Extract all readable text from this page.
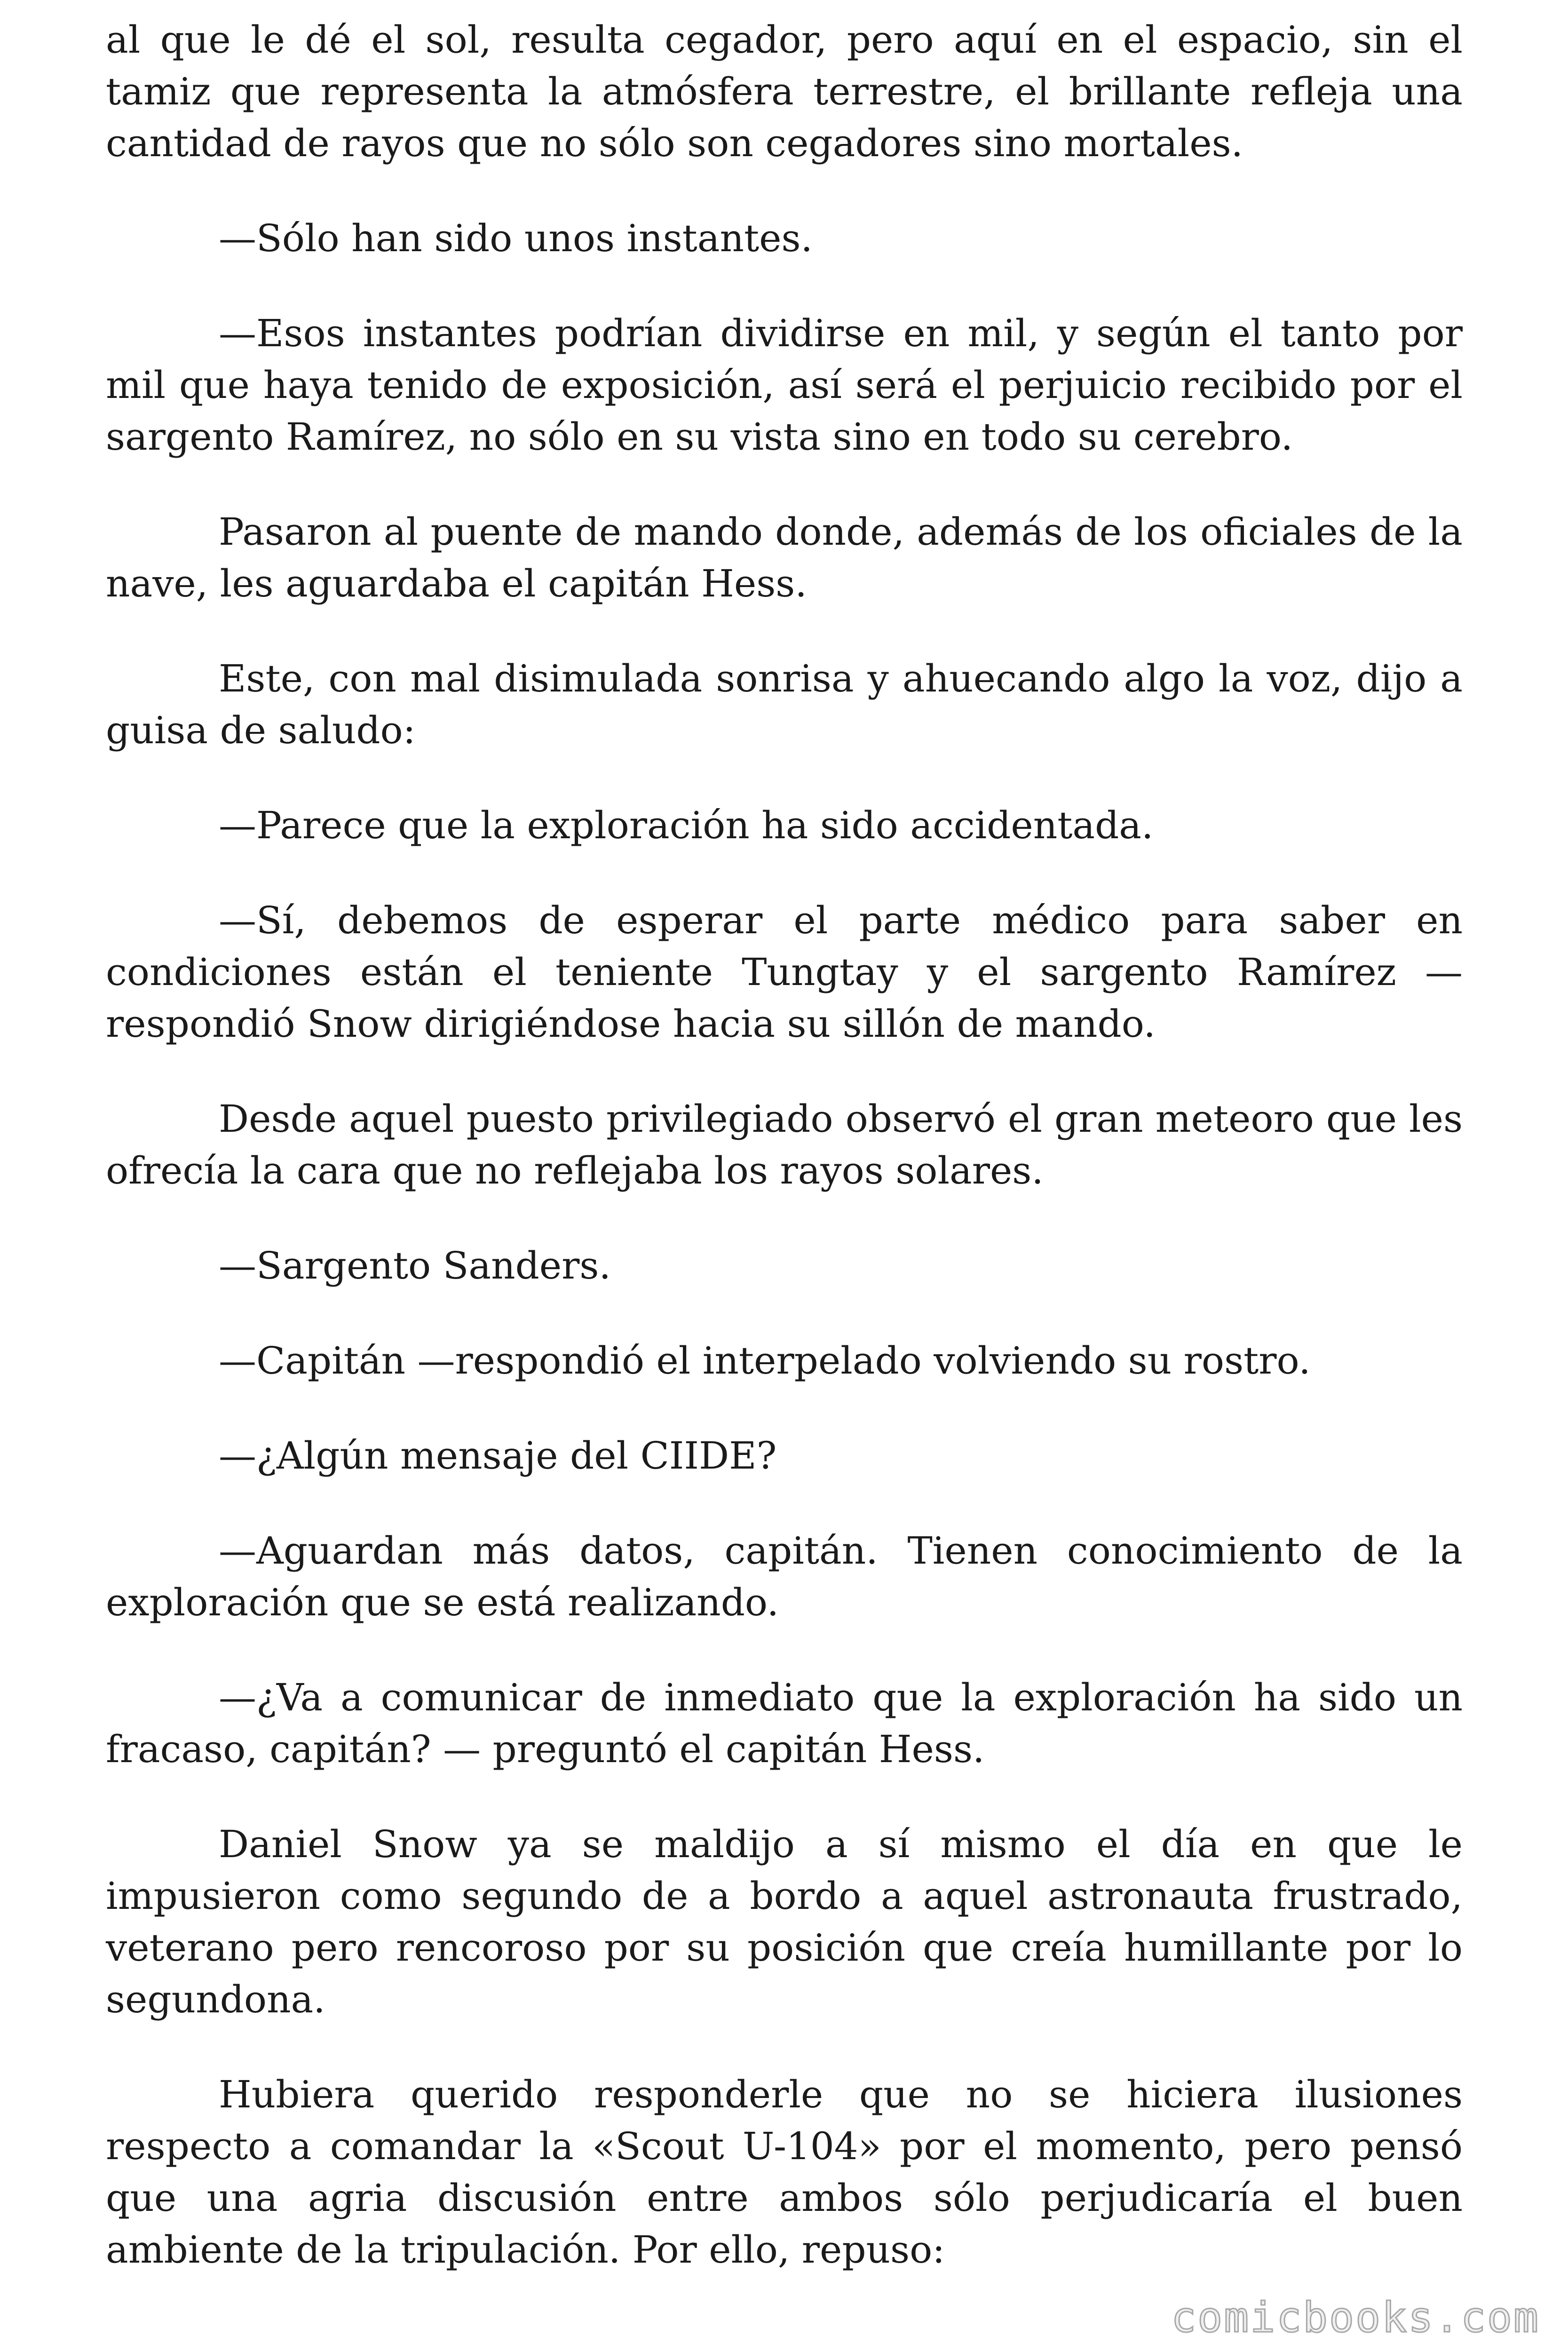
al que le dé el sol, resulta cegador, pero aquí en el espacio, sin el tamiz que representa la atmósfera terrestre, el brillante refleja una cantidad de rayos que no sólo son cegadores sino mortales.

—Sólo han sido unos instantes.

—Esos instantes podrían dividirse en mil, y según el tanto por mil que haya tenido de exposición, así será el perjuicio recibido por el sargento Ramírez, no sólo en su vista sino en todo su cerebro.

Pasaron al puente de mando donde, además de los oficiales de la nave, les aguardaba el capitán Hess.

Este, con mal disimulada sonrisa y ahuecando algo la voz, dijo a guisa de saludo:

—Parece que la exploración ha sido accidentada.

—Sí, debemos de esperar el parte médico para saber en condiciones están el teniente Tungtay y el sargento Ramírez — respondió Snow dirigiéndose hacia su sillón de mando.

Desde aquel puesto privilegiado observó el gran meteoro que les ofrecía la cara que no reflejaba los rayos solares.

—Sargento Sanders.

—Capitán —respondió el interpelado volviendo su rostro.

—¿Algún mensaje del CIIDE?

—Aguardan más datos, capitán. Tienen conocimiento de la exploración que se está realizando.

—¿Va a comunicar de inmediato que la exploración ha sido un fracaso, capitán? — preguntó el capitán Hess.

Daniel Snow ya se maldijo a sí mismo el día en que le impusieron como segundo de a bordo a aquel astronauta frustrado, veterano pero rencoroso por su posición que creía humillante por lo segundona.

Hubiera querido responderle que no se hiciera ilusiones respecto a comandar la «Scout U-104» por el momento, pero pensó que una agria discusión entre ambos sólo perjudicaría el buen ambiente de la tripulación. Por ello, repuso:

comicbooks.com
